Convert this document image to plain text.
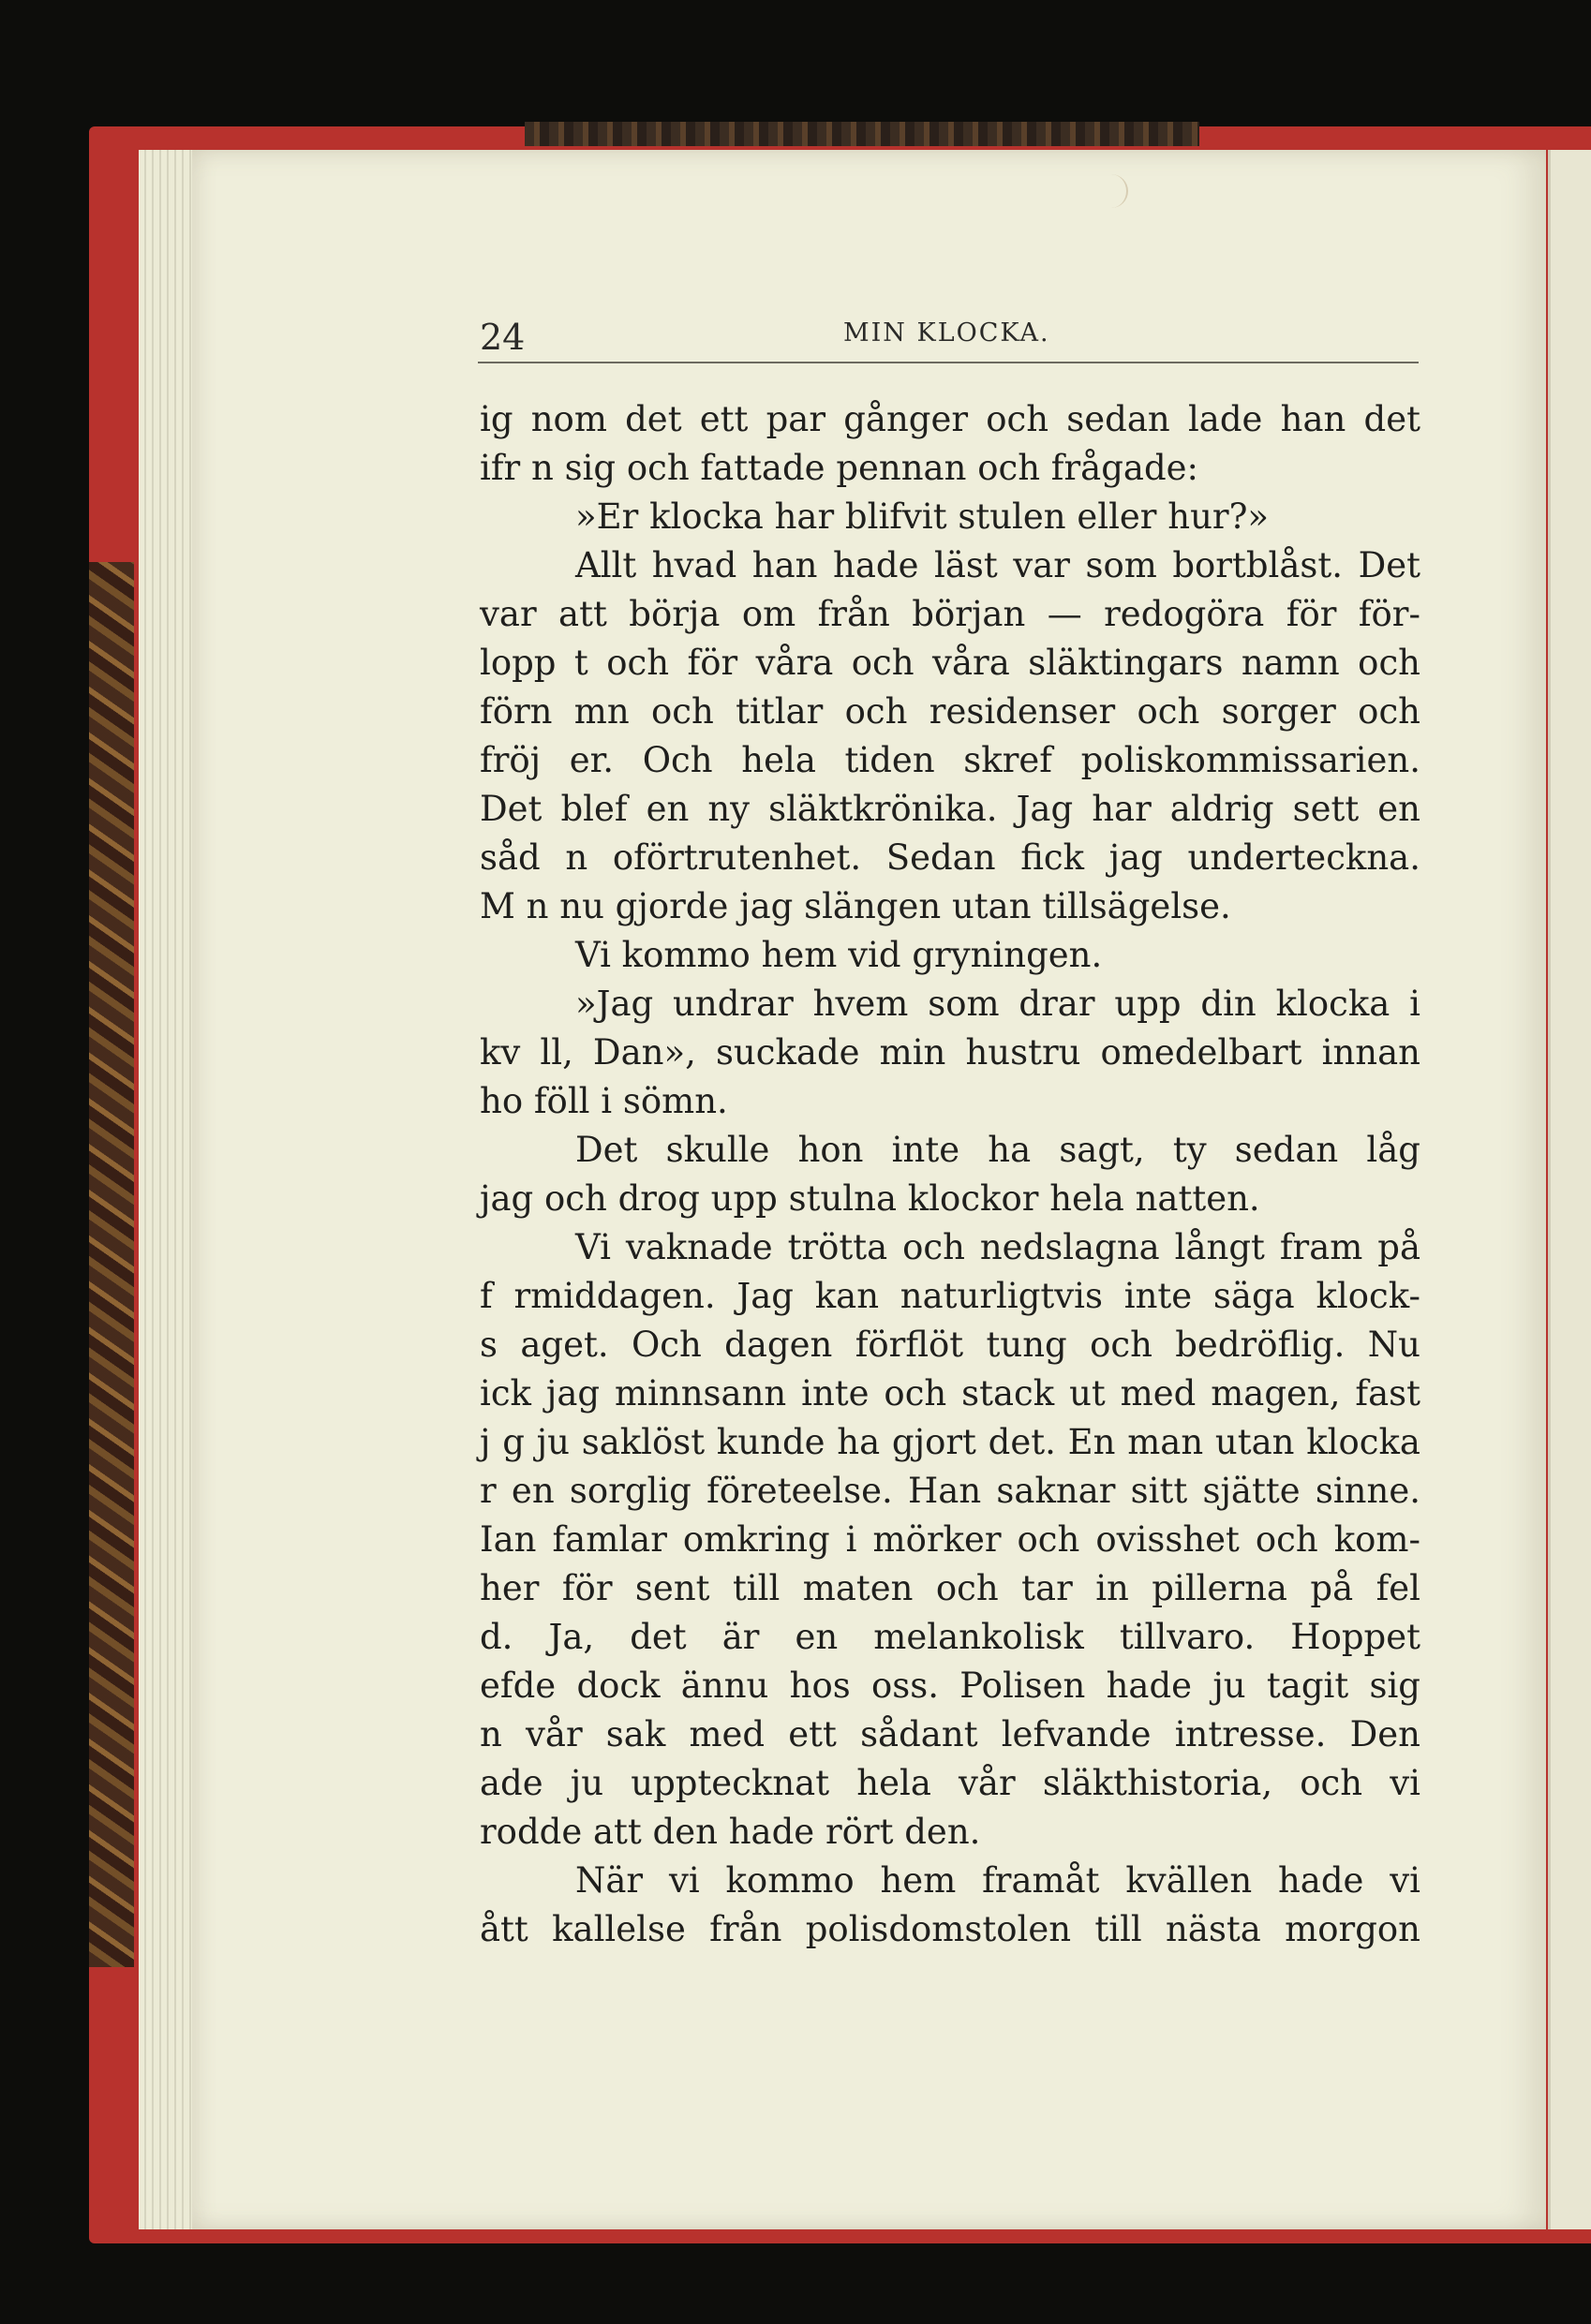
24	MIN KLOCKA.
ig nom det ett par gånger och sedan lade han det
ifr n sig och fattade pennan och frågade:
»Er klocka har blifvit stulen eller hur?»
Allt hvad han hade läst var som bortblåst. Det
var att börja om från början — redogöra för för-
lopp t och för våra och våra släktingars namn och
förn mn och titlar och residenser och sorger och
fröj er. Och hela tiden skref poliskommissarien.
Det blef en ny släktkrönika. Jag har aldrig sett en
såd n oförtrutenhet. Sedan fick jag underteckna.
M n nu gjorde jag slängen utan tillsägelse.
Vi kommo hem vid gryningen.
»Jag undrar hvem som drar upp din klocka i
kv ll, Dan», suckade min hustru omedelbart innan
ho föll i sömn.
Det skulle hon inte ha sagt, ty sedan låg
jag och drog upp stulna klockor hela natten.
Vi vaknade trötta och nedslagna långt fram på
f rmiddagen. Jag kan naturligtvis inte säga klock-
s aget. Och dagen förflöt tung och bedröflig. Nu
ick jag minnsann inte och stack ut med magen, fast
j g ju saklöst kunde ha gjort det. En man utan klocka
r en sorglig företeelse. Han saknar sitt sjätte sinne.
Ian famlar omkring i mörker och ovisshet och kom-
her för sent till maten och tar in pillerna på fel
d. Ja, det är en melankolisk tillvaro. Hoppet
efde dock ännu hos oss. Polisen hade ju tagit sig
n vår sak med ett sådant lefvande intresse. Den
ade ju upptecknat hela vår släkthistoria, och vi
rodde att den hade rört den.
När vi kommo hem framåt kvällen hade vi
ått kallelse från polisdomstolen till nästa morgon
